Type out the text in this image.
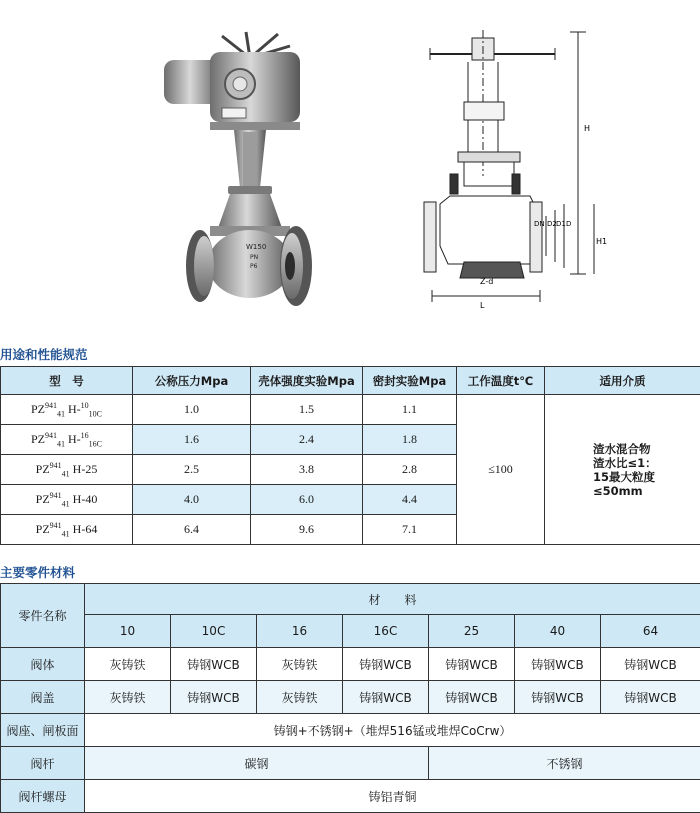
W150
PN
P6
H
H1
DN D2 D1 D
Z-d
L
用途和性能规范
型　号	公称压力Mpa	壳体强度实验Mpa	密封实验Mpa	工作温度t℃	适用介质
$PZ^{941}_{41}$ H-$^{10}_{10C}$	1.0	1.5	1.1	≤100	渣水混合物
渣水比≤1：
15最大粒度
≤50mm

$PZ^{941}_{41}$ H-$^{16}_{16C}$	1.6	2.4	1.8		
$PZ^{941}_{41}$ H-25	2.5	3.8	2.8		
$PZ^{941}_{41}$ H-40	4.0	6.0	4.4		
$PZ^{941}_{41}$ H-64	6.4	9.6	7.1		
主要零件材料
零件名称	材　　料						
	10	10C	16	16C	25	40	64
阀体	灰铸铁	铸钢WCB	灰铸铁	铸钢WCB	铸钢WCB	铸钢WCB	铸钢WCB
阀盖	灰铸铁	铸钢WCB	灰铸铁	铸钢WCB	铸钢WCB	铸钢WCB	铸钢WCB
阀座、闸板面	铸钢+不锈钢+（堆焊516锰或堆焊CoCrw）						
阀杆	碳钢				不锈钢		
阀杆螺母	铸铝青铜						
